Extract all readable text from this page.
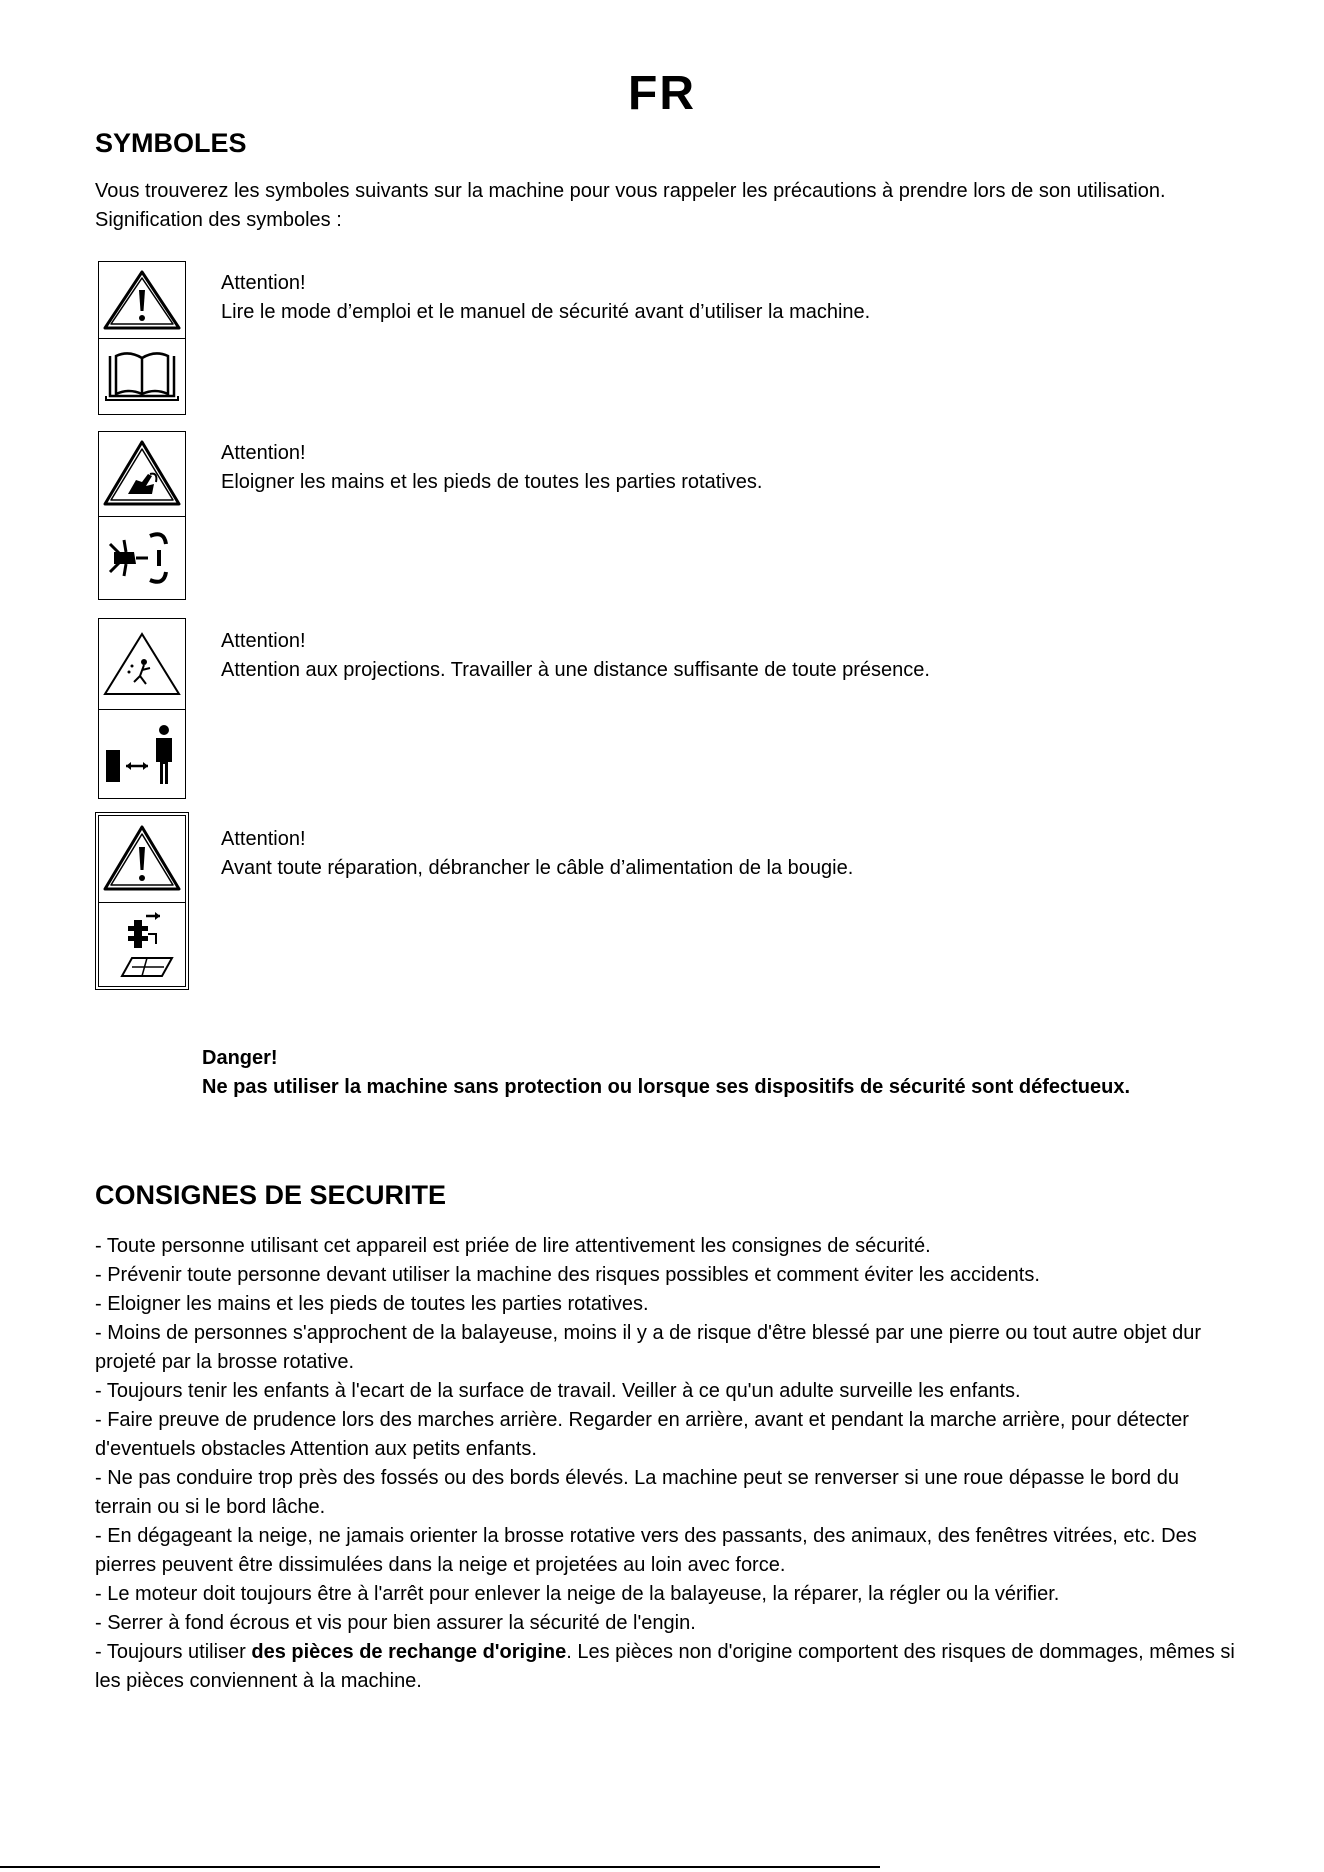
FR
SYMBOLES
Vous trouverez les symboles suivants sur la machine pour vous rappeler les précautions à prendre lors de son utilisation. Signification des symboles :
Attention!
Lire le mode d’emploi et le manuel de sécurité avant d’utiliser la machine.
Attention!
Eloigner les mains et les pieds de toutes les parties rotatives.
Attention!
Attention aux projections. Travailler à une distance suffisante de toute présence.
Attention!
Avant toute réparation, débrancher le câble d’alimentation de la bougie.
Danger!
Ne pas utiliser la machine sans protection ou lorsque ses dispositifs de sécurité sont défectueux.
CONSIGNES DE SECURITE

- Toute personne utilisant cet appareil est priée de lire attentivement les consignes de sécurité.

- Prévenir toute personne devant utiliser la machine des risques possibles et comment éviter les accidents.

- Eloigner les mains et les pieds de toutes les parties rotatives.

- Moins de personnes s'approchent de la balayeuse, moins il y a de risque d'être blessé par une pierre ou tout autre objet dur projeté par la brosse rotative.

- Toujours tenir les enfants à l'ecart de la surface de travail. Veiller à ce qu'un adulte surveille les enfants.

- Faire preuve de prudence lors des marches arrière. Regarder en arrière, avant et pendant la marche arrière, pour détecter d'eventuels obstacles Attention aux petits enfants.

- Ne pas conduire trop près des fossés ou des bords élevés. La machine peut se renverser si une roue dépasse le bord du terrain ou si le bord lâche.

- En dégageant la neige, ne jamais orienter la brosse rotative vers des passants, des animaux, des fenêtres vitrées, etc. Des pierres peuvent être dissimulées dans la neige et projetées au loin avec force.

- Le moteur doit toujours être à l'arrêt pour enlever la neige de la balayeuse, la réparer, la régler ou la vérifier.

- Serrer à fond écrous et vis pour bien assurer la sécurité de l'engin.

- Toujours utiliser des pièces de rechange d'origine. Les pièces non d'origine comportent des risques de dommages, mêmes si les pièces conviennent à la machine.
